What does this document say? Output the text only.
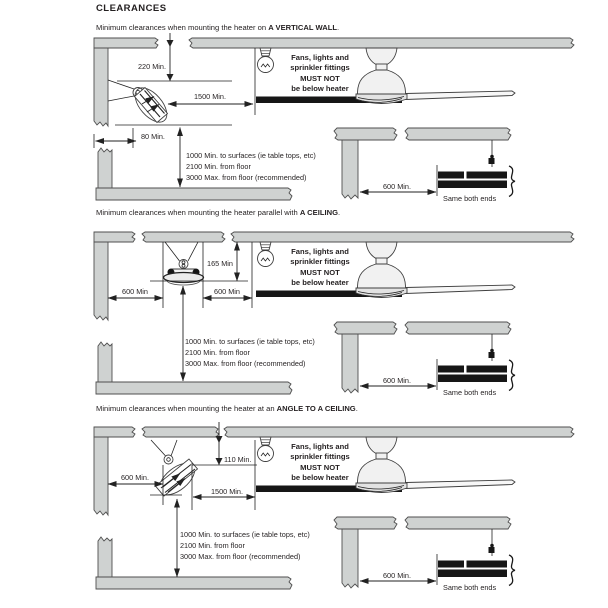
CLEARANCES
Minimum clearances when mounting the heater on A VERTICAL WALL.
Minimum clearances when mounting the heater parallel with A CEILING.
Minimum clearances when mounting the heater at an ANGLE TO A CEILING.
220 Min.
1500 Min.
80 Min.
165 Min
600 Min	600 Min
600 Min.
110 Min.
1500 Min.
